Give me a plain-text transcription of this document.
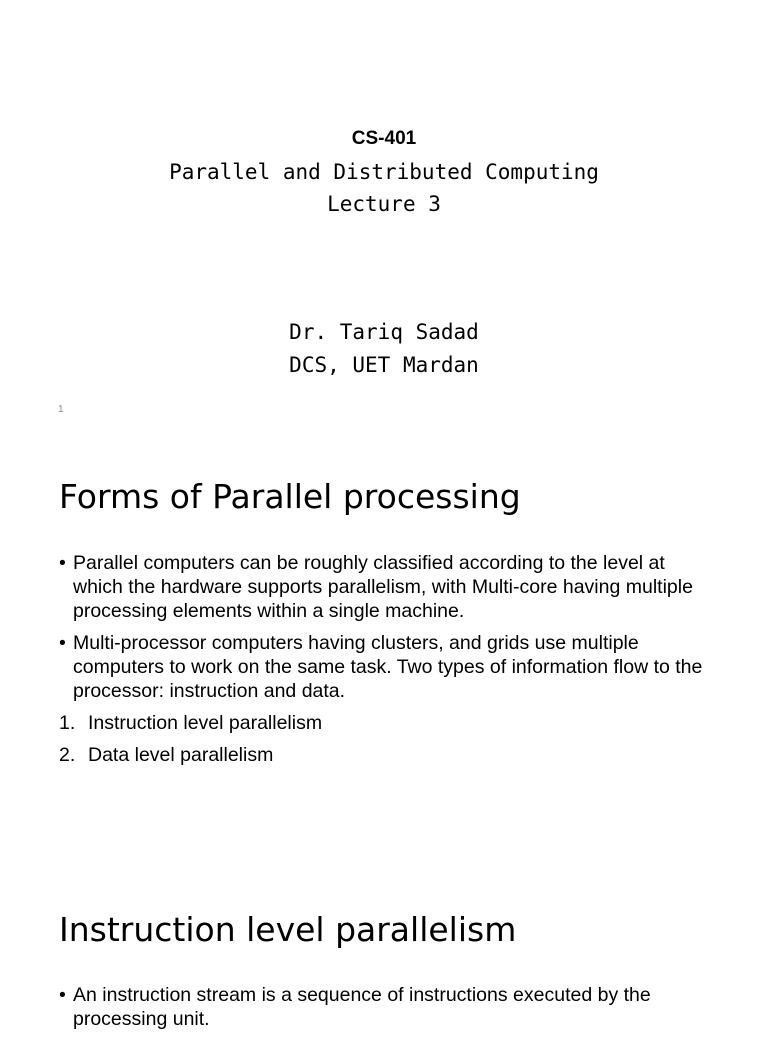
CS-401
Parallel and Distributed Computing
Lecture 3
Dr. Tariq Sadad
DCS, UET Mardan
1
Forms of Parallel processing
• Parallel computers can be roughly classified according to the level at which the hardware supports parallelism, with Multi-core having multiple processing elements within a single machine.
• Multi-processor computers having clusters, and grids use multiple computers to work on the same task. Two types of information flow to the processor: instruction and data.
1. Instruction level parallelism
2. Data level parallelism
Instruction level parallelism
• An instruction stream is a sequence of instructions executed by the processing unit.
